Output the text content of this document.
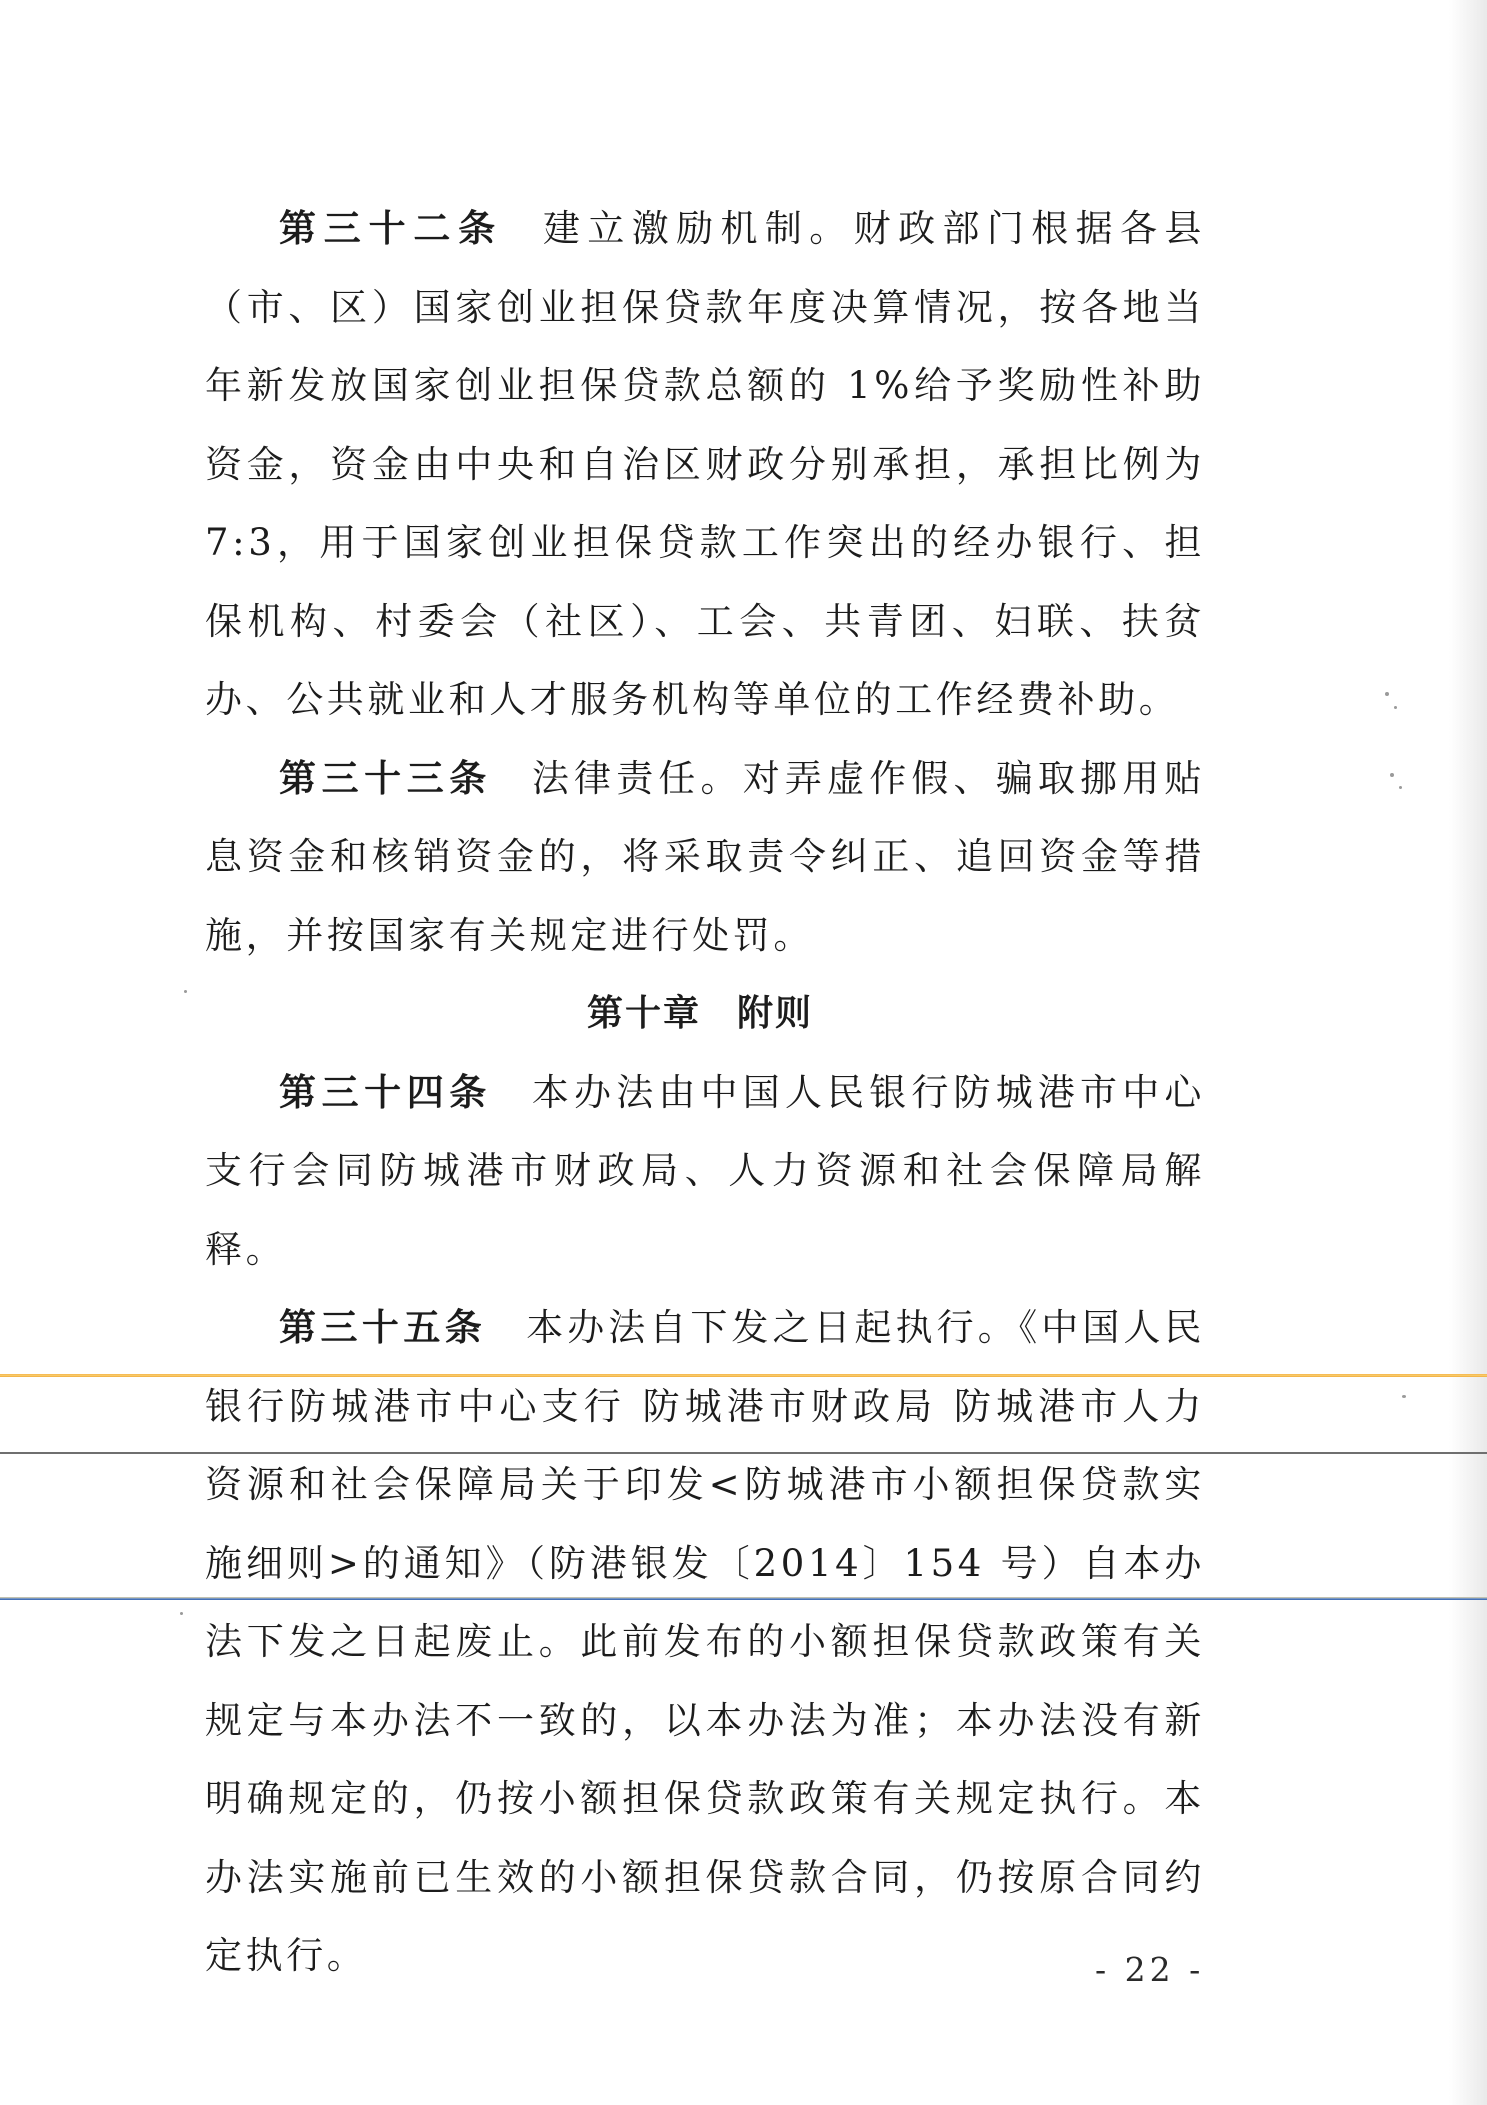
第三十二条 建立激励机制。财政部门根据各县（市、区）国家创业担保贷款年度决算情况，按各地当年新发放国家创业担保贷款总额的 1%给予奖励性补助资金，资金由中央和自治区财政分别承担，承担比例为 7:3，用于国家创业担保贷款工作突出的经办银行、担保机构、村委会（社区）、工会、共青团、妇联、扶贫办、公共就业和人才服务机构等单位的工作经费补助。

第三十三条 法律责任。对弄虚作假、骗取挪用贴息资金和核销资金的，将采取责令纠正、追回资金等措施，并按国家有关规定进行处罚。

第十章 附则

第三十四条 本办法由中国人民银行防城港市中心支行会同防城港市财政局、人力资源和社会保障局解释。

第三十五条 本办法自下发之日起执行。《中国人民银行防城港市中心支行 防城港市财政局 防城港市人力资源和社会保障局关于印发<防城港市小额担保贷款实施细则>的通知》（防港银发〔2014〕154 号）自本办法下发之日起废止。此前发布的小额担保贷款政策有关规定与本办法不一致的，以本办法为准；本办法没有新明确规定的，仍按小额担保贷款政策有关规定执行。本办法实施前已生效的小额担保贷款合同，仍按原合同约定执行。	- 22 -
